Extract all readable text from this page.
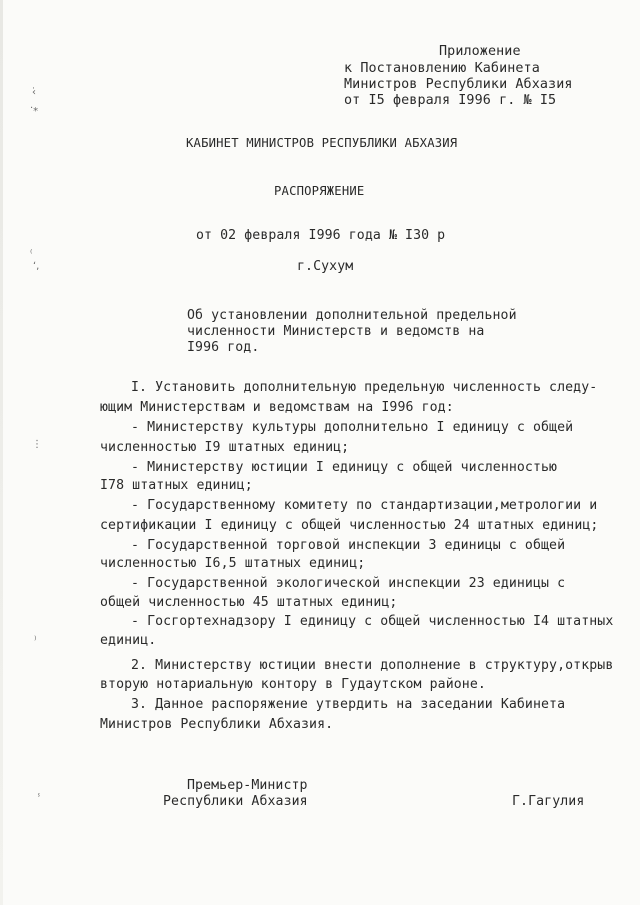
‹̇
·⁎
₍
ʻ,
⋮
⁾
ⸯ
Приложение
к Постановлению Кабинета
Министров Республики Абхазия
от I5 февраля I996 г. № I5
КАБИНЕТ МИНИСТРОВ РЕСПУБЛИКИ АБХАЗИЯ
РАСПОРЯЖЕНИЕ
от 02 февраля I996 года № I30 р
г.Сухум
Об установлении дополнительной предельной
численности Министерств и ведомств на
I996 год.
I. Установить дополнительную предельную численность следу-
ющим Министерствам и ведомствам на I996 год:
- Министерству культуры дополнительно I единицу с общей
численностью I9 штатных единиц;
- Министерству юстиции I единицу с общей численностью
I78 штатных единиц;
- Государственному комитету по стандартизации,метрологии и
сертификации I единицу с общей численностью 24 штатных единиц;
- Государственной торговой инспекции 3 единицы с общей
численностью I6,5 штатных единиц;
- Государственной экологической инспекции 23 единицы с
общей численностью 45 штатных единиц;
- Госгортехнадзору I единицу с общей численностью I4 штатных
единиц.
2. Министерству юстиции внести дополнение в структуру,открыв
вторую нотариальную контору в Гудаутском районе.
3. Данное распоряжение утвердить на заседании Кабинета
Министров Республики Абхазия.
Премьер-Министр
Республики Абхазия	Г.Гагулия
